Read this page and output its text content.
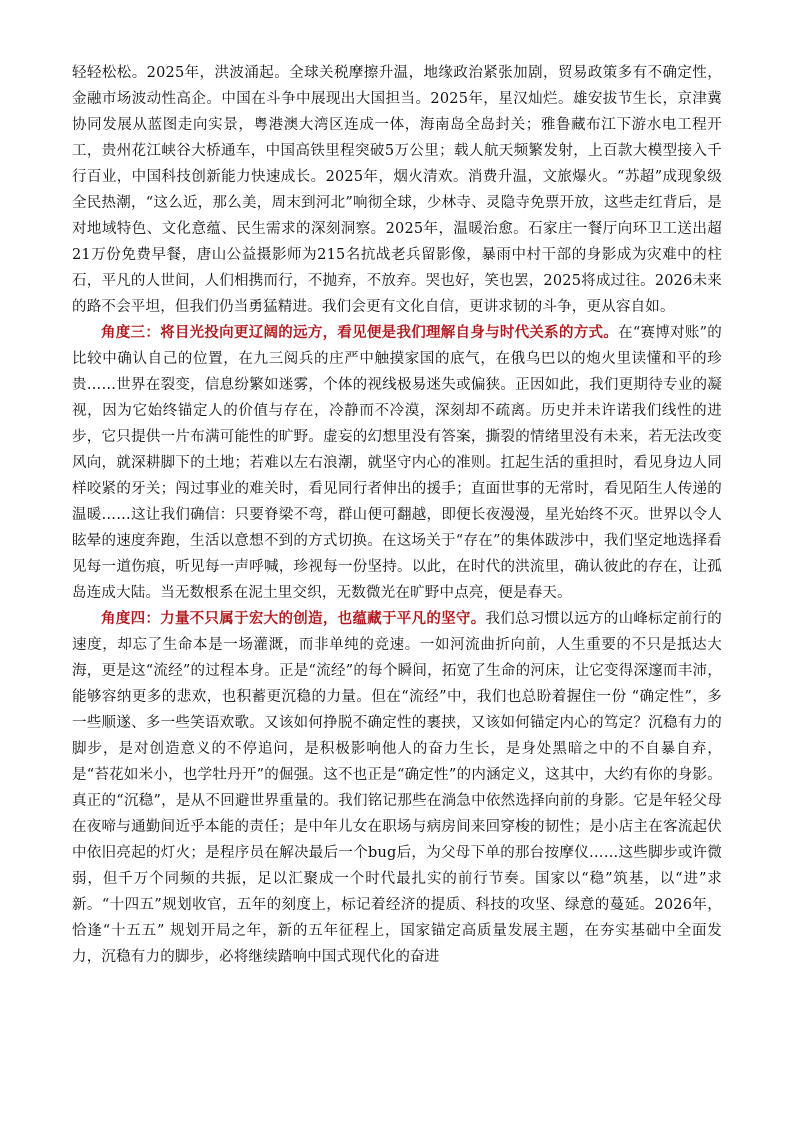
轻轻松松。2025年，洪波涌起。全球关税摩擦升温，地缘政治紧张加剧，贸易政策多有不确定性，金融市场波动性高企。中国在斗争中展现出大国担当。2025年，星汉灿烂。雄安拔节生长，京津冀协同发展从蓝图走向实景，粤港澳大湾区连成一体，海南岛全岛封关；雅鲁藏布江下游水电工程开工，贵州花江峡谷大桥通车，中国高铁里程突破5万公里；载人航天频繁发射，上百款大模型接入千行百业，中国科技创新能力快速成长。2025年，烟火清欢。消费升温，文旅爆火。“苏超”成现象级全民热潮，“这么近，那么美，周末到河北”响彻全球，少林寺、灵隐寺免票开放，这些走红背后，是对地域特色、文化意蕴、民生需求的深刻洞察。2025年，温暖治愈。石家庄一餐厅向环卫工送出超21万份免费早餐，唐山公益摄影师为215名抗战老兵留影像，暴雨中村干部的身影成为灾难中的柱石，平凡的人世间，人们相携而行，不抛弃，不放弃。哭也好，笑也罢，2025将成过往。2026未来的路不会平坦，但我们仍当勇猛精进。我们会更有文化自信，更讲求韧的斗争，更从容自如。

角度三：将目光投向更辽阔的远方，看见便是我们理解自身与时代关系的方式。在“赛博对账”的比较中确认自己的位置，在九三阅兵的庄严中触摸家国的底气，在俄乌巴以的炮火里读懂和平的珍贵……世界在裂变，信息纷繁如迷雾，个体的视线极易迷失或偏狭。正因如此，我们更期待专业的凝视，因为它始终锚定人的价值与存在，冷静而不冷漠，深刻却不疏离。历史并未许诺我们线性的进步，它只提供一片布满可能性的旷野。虚妄的幻想里没有答案，撕裂的情绪里没有未来，若无法改变风向，就深耕脚下的土地；若难以左右浪潮，就坚守内心的准则。扛起生活的重担时，看见身边人同样咬紧的牙关；闯过事业的难关时，看见同行者伸出的援手；直面世事的无常时，看见陌生人传递的温暖……这让我们确信：只要脊梁不弯，群山便可翻越，即便长夜漫漫，星光始终不灭。世界以令人眩晕的速度奔跑，生活以意想不到的方式切换。在这场关于“存在”的集体跋涉中，我们坚定地选择看见每一道伤痕，听见每一声呼喊，珍视每一份坚持。以此，在时代的洪流里，确认彼此的存在，让孤岛连成大陆。当无数根系在泥土里交织，无数微光在旷野中点亮，便是春天。

角度四：力量不只属于宏大的创造，也蕴藏于平凡的坚守。我们总习惯以远方的山峰标定前行的速度，却忘了生命本是一场灌溉，而非单纯的竞速。一如河流曲折向前，人生重要的不只是抵达大海，更是这“流经”的过程本身。正是“流经”的每个瞬间，拓宽了生命的河床，让它变得深邃而丰沛，能够容纳更多的悲欢，也积蓄更沉稳的力量。但在“流经”中，我们也总盼着握住一份 “确定性”，多一些顺遂、多一些笑语欢歌。又该如何挣脱不确定性的裹挟，又该如何锚定内心的笃定？沉稳有力的脚步，是对创造意义的不停追问，是积极影响他人的奋力生长，是身处黑暗之中的不自暴自弃，是“苔花如米小，也学牡丹开”的倔强。这不也正是“确定性”的内涵定义，这其中，大约有你的身影。真正的“沉稳”，是从不回避世界重量的。我们铭记那些在淌急中依然选择向前的身影。它是年轻父母在夜啼与通勤间近乎本能的责任；是中年儿女在职场与病房间来回穿梭的韧性；是小店主在客流起伏中依旧亮起的灯火；是程序员在解决最后一个bug后，为父母下单的那台按摩仪……这些脚步或许微弱，但千万个同频的共振，足以汇聚成一个时代最扎实的前行节奏。国家以“稳”筑基，以“进”求新。“十四五”规划收官，五年的刻度上，标记着经济的提质、科技的攻坚、绿意的蔓延。2026年，恰逢“十五五” 规划开局之年，新的五年征程上，国家锚定高质量发展主题，在夯实基础中全面发力，沉稳有力的脚步，必将继续踏响中国式现代化的奋进
